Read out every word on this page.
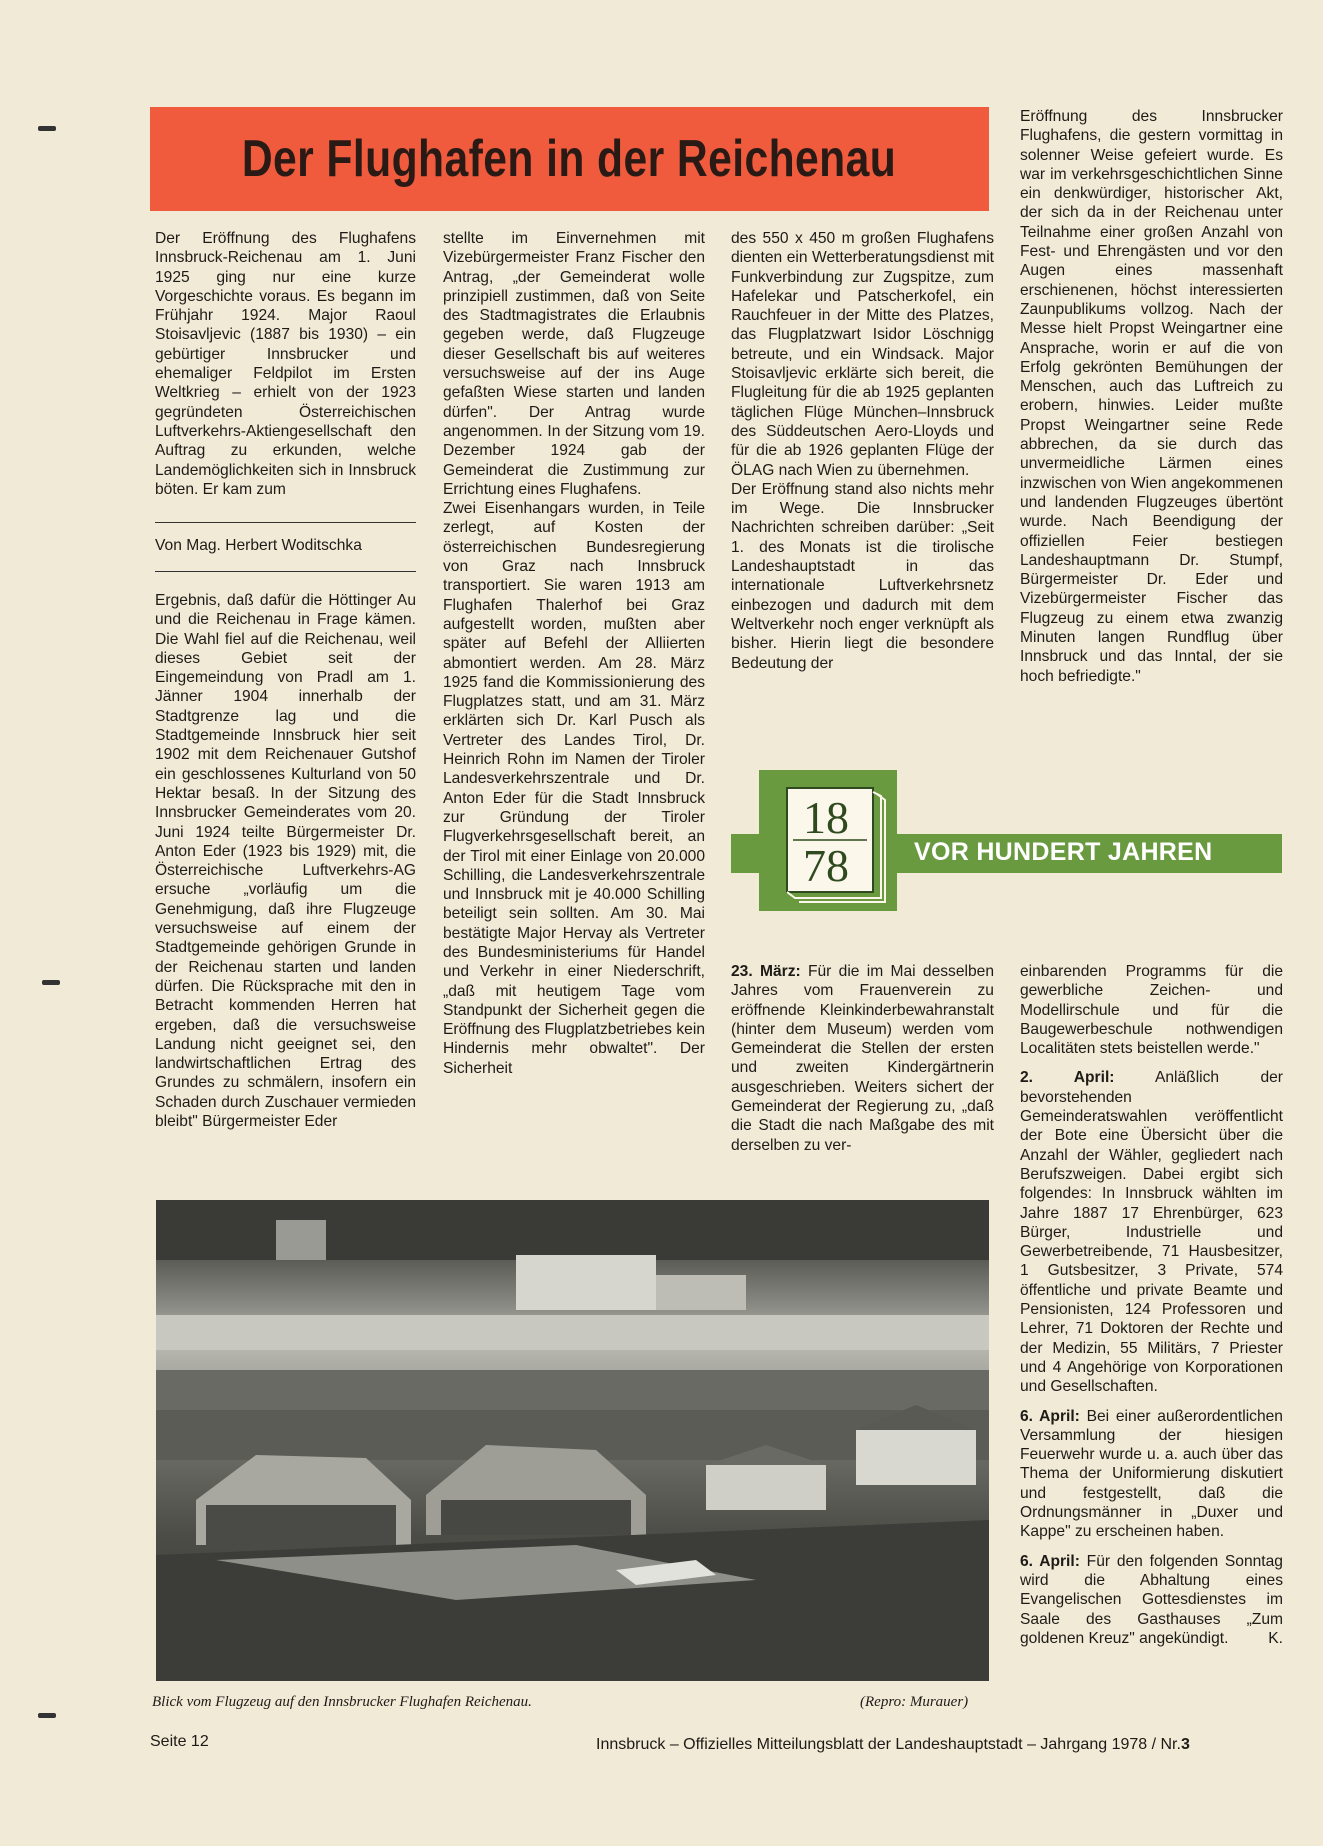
Der Flughafen in der Reichenau

Der Eröffnung des Flughafens Innsbruck-Reichenau am 1. Juni 1925 ging nur eine kurze Vorgeschichte voraus. Es begann im Frühjahr 1924. Major Raoul Stoisavljevic (1887 bis 1930) – ein gebürtiger Innsbrucker und ehemaliger Feldpilot im Ersten Weltkrieg – erhielt von der 1923 gegründeten Österreichischen Luftverkehrs-Aktiengesellschaft den Auftrag zu erkunden, welche Landemöglichkeiten sich in Innsbruck böten. Er kam zum

Von Mag. Herbert Woditschka

Ergebnis, daß dafür die Höttinger Au und die Reichenau in Frage kämen. Die Wahl fiel auf die Reichenau, weil dieses Gebiet seit der Eingemeindung von Pradl am 1. Jänner 1904 innerhalb der Stadtgrenze lag und die Stadtgemeinde Innsbruck hier seit 1902 mit dem Reichenauer Gutshof ein geschlossenes Kulturland von 50 Hektar besaß. In der Sitzung des Innsbrucker Gemeinderates vom 20. Juni 1924 teilte Bürgermeister Dr. Anton Eder (1923 bis 1929) mit, die Österreichische Luftverkehrs-AG ersuche „vorläufig um die Genehmigung, daß ihre Flugzeuge versuchsweise auf einem der Stadtgemeinde gehörigen Grunde in der Reichenau starten und landen dürfen. Die Rücksprache mit den in Betracht kommenden Herren hat ergeben, daß die versuchsweise Landung nicht geeignet sei, den landwirtschaftlichen Ertrag des Grundes zu schmälern, insofern ein Schaden durch Zuschauer vermieden bleibt" Bürgermeister Eder

stellte im Einvernehmen mit Vizebürgermeister Franz Fischer den Antrag, „der Gemeinderat wolle prinzipiell zustimmen, daß von Seite des Stadtmagistrates die Erlaubnis gegeben werde, daß Flugzeuge dieser Gesellschaft bis auf weiteres versuchsweise auf der ins Auge gefaßten Wiese starten und landen dürfen". Der Antrag wurde angenommen. In der Sitzung vom 19. Dezember 1924 gab der Gemeinderat die Zustimmung zur Errichtung eines Flughafens.

Zwei Eisenhangars wurden, in Teile zerlegt, auf Kosten der österreichischen Bundesregierung von Graz nach Innsbruck transportiert. Sie waren 1913 am Flughafen Thalerhof bei Graz aufgestellt worden, mußten aber später auf Befehl der Alliierten abmontiert werden. Am 28. März 1925 fand die Kommissionierung des Flugplatzes statt, und am 31. März erklärten sich Dr. Karl Pusch als Vertreter des Landes Tirol, Dr. Heinrich Rohn im Namen der Tiroler Landesverkehrszentrale und Dr. Anton Eder für die Stadt Innsbruck zur Gründung der Tiroler Flugverkehrsgesellschaft bereit, an der Tirol mit einer Einlage von 20.000 Schilling, die Landesverkehrszentrale und Innsbruck mit je 40.000 Schilling beteiligt sein sollten. Am 30. Mai bestätigte Major Hervay als Vertreter des Bundesministeriums für Handel und Verkehr in einer Niederschrift, „daß mit heutigem Tage vom Standpunkt der Sicherheit gegen die Eröffnung des Flugplatzbetriebes kein Hindernis mehr obwaltet". Der Sicherheit

des 550 x 450 m großen Flughafens dienten ein Wetterberatungsdienst mit Funkverbindung zur Zugspitze, zum Hafelekar und Patscherkofel, ein Rauchfeuer in der Mitte des Platzes, das Flugplatzwart Isidor Löschnigg betreute, und ein Windsack. Major Stoisavljevic erklärte sich bereit, die Flugleitung für die ab 1925 geplanten täglichen Flüge München–Innsbruck des Süddeutschen Aero-Lloyds und für die ab 1926 geplanten Flüge der ÖLAG nach Wien zu übernehmen.

Der Eröffnung stand also nichts mehr im Wege. Die Innsbrucker Nachrichten schreiben darüber: „Seit 1. des Monats ist die tirolische Landeshauptstadt in das internationale Luftverkehrsnetz einbezogen und dadurch mit dem Weltverkehr noch enger verknüpft als bisher. Hierin liegt die besondere Bedeutung der

Eröffnung des Innsbrucker Flughafens, die gestern vormittag in solenner Weise gefeiert wurde. Es war im verkehrsgeschichtlichen Sinne ein denkwürdiger, historischer Akt, der sich da in der Reichenau unter Teilnahme einer großen Anzahl von Fest- und Ehrengästen und vor den Augen eines massenhaft erschienenen, höchst interessierten Zaunpublikums vollzog. Nach der Messe hielt Propst Weingartner eine Ansprache, worin er auf die von Erfolg gekrönten Bemühungen der Menschen, auch das Luftreich zu erobern, hinwies. Leider mußte Propst Weingartner seine Rede abbrechen, da sie durch das unvermeidliche Lärmen eines inzwischen von Wien angekommenen und landenden Flugzeuges übertönt wurde. Nach Beendigung der offiziellen Feier bestiegen Landeshauptmann Dr. Stumpf, Bürgermeister Dr. Eder und Vizebürgermeister Fischer das Flugzeug zu einem etwa zwanzig Minuten langen Rundflug über Innsbruck und das Inntal, der sie hoch befriedigte."

18
78	VOR HUNDERT JAHREN

23. März: Für die im Mai desselben Jahres vom Frauenverein zu eröffnende Kleinkinderbewahranstalt (hinter dem Museum) werden vom Gemeinderat die Stellen der ersten und zweiten Kindergärtnerin ausgeschrieben. Weiters sichert der Gemeinderat der Regierung zu, „daß die Stadt die nach Maßgabe des mit derselben zu ver-

einbarenden Programms für die gewerbliche Zeichen- und Modellirschule und für die Baugewerbeschule nothwendigen Localitäten stets beistellen werde."

2. April:	Anläßlich der bevorstehenden Gemeinderatswahlen veröffentlicht der Bote eine Übersicht über die Anzahl der Wähler, gegliedert nach Berufszweigen. Dabei ergibt sich folgendes: In Innsbruck wählten im Jahre 1887 17 Ehrenbürger, 623 Bürger, Industrielle und Gewerbetreibende, 71 Hausbesitzer, 1 Gutsbesitzer, 3 Private, 574 öffentliche und private Beamte und Pensionisten, 124 Professoren und Lehrer, 71 Doktoren der Rechte und der Medizin, 55 Militärs, 7 Priester und 4 Angehörige von Korporationen und Gesellschaften.

6. April: Bei einer außerordentlichen Versammlung der hiesigen Feuerwehr wurde u. a. auch über das Thema der Uniformierung diskutiert und festgestellt, daß die Ordnungsmänner in „Duxer und Kappe" zu erscheinen haben.

6. April: Für den folgenden Sonntag wird die Abhaltung eines Evangelischen Gottesdienstes im Saale des Gasthauses „Zum goldenen Kreuz" angekündigt.	K.

Blick vom Flugzeug auf den Innsbrucker Flughafen Reichenau.	(Repro: Murauer)
Seite 12	Innsbruck – Offizielles Mitteilungsblatt der Landeshauptstadt – Jahrgang 1978 / Nr.3
